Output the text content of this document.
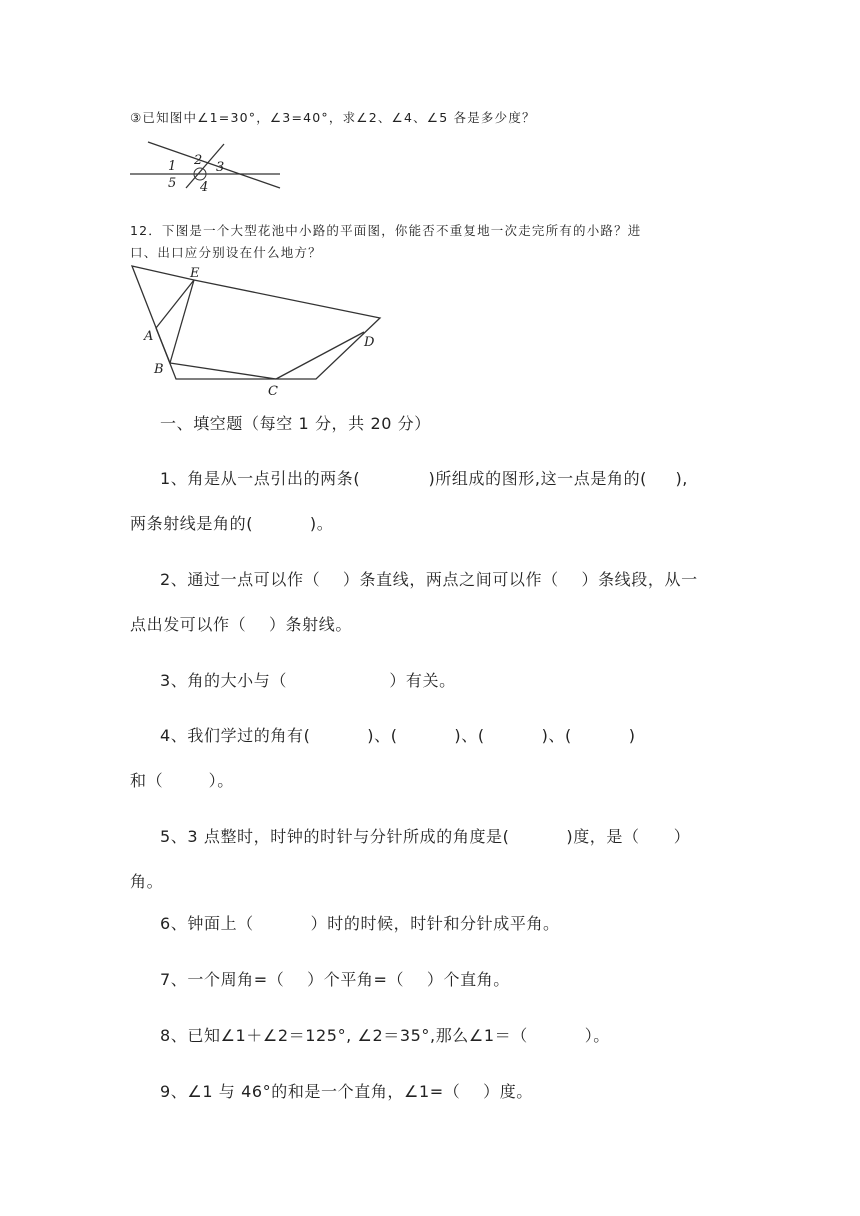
③已知图中∠1=30°，∠3=40°，求∠2、∠4、∠5 各是多少度？
1 2 3
4
5
12．下图是一个大型花池中小路的平面图，你能否不重复地一次走完所有的小路？进
口、出口应分别设在什么地方？
E
A
B
C
D
一、填空题（每空 1 分，共 20 分）
1、角是从一点引出的两条(            )所组成的图形,这一点是角的(     ),
两条射线是角的(          )。
2、通过一点可以作（    ）条直线，两点之间可以作（    ）条线段，从一
点出发可以作（    ）条射线。
3、角的大小与（                  ）有关。
4、我们学过的角有(          )、(          )、(          )、(          )
和（        ）。
5、3 点整时，时钟的时针与分针所成的角度是(          )度，是（      ）
角。
6、钟面上（          ）时的时候，时针和分针成平角。
7、一个周角=（    ）个平角=（    ）个直角。
8、已知∠1＋∠2＝125°, ∠2＝35°,那么∠1＝（          ）。
9、∠1 与 46°的和是一个直角，∠1=（    ）度。
